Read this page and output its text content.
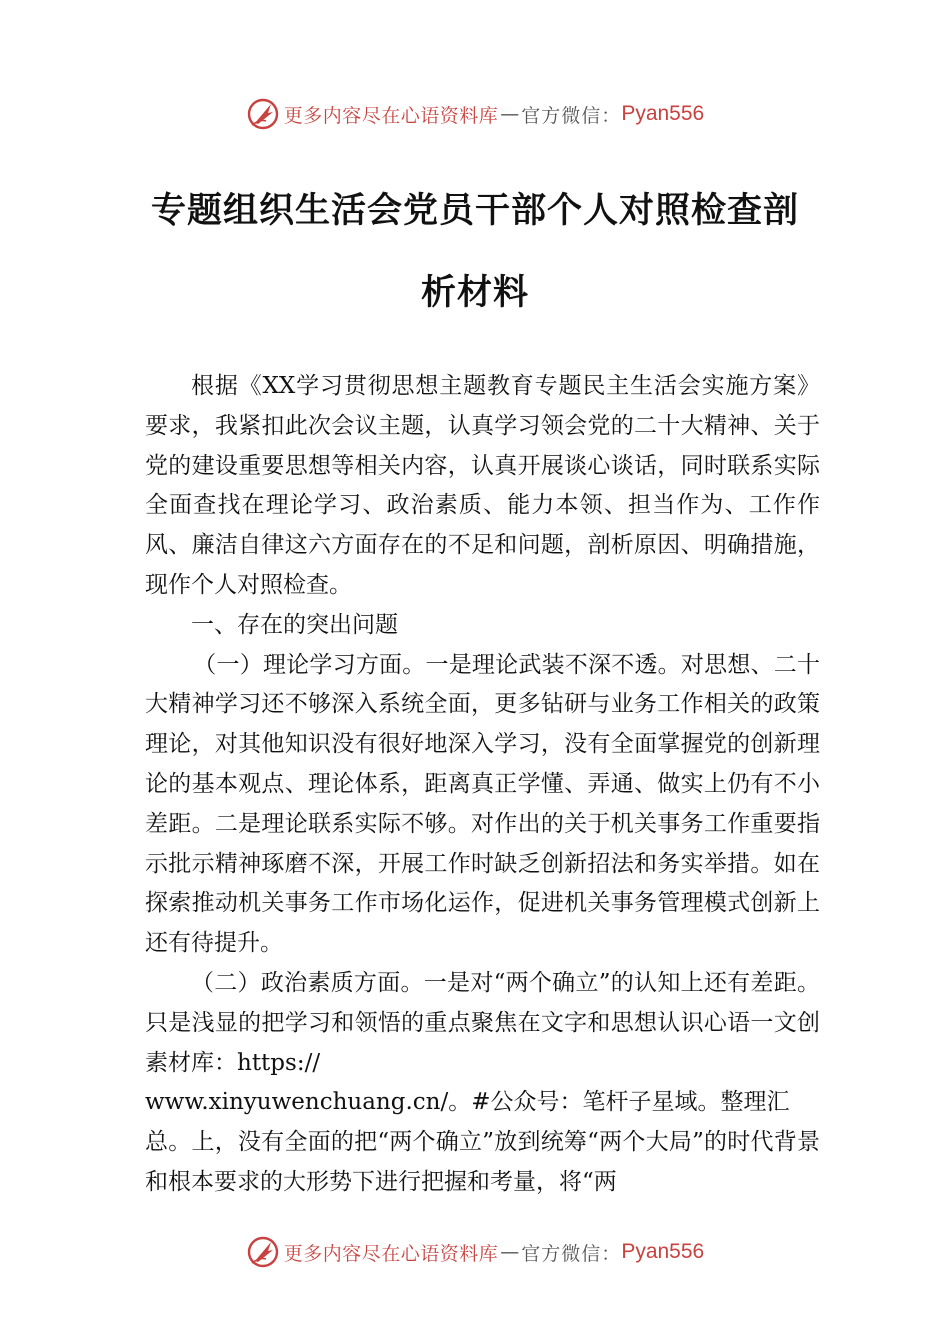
更多内容尽在心语资料库 — 官方微信： Pyan556
专题组织生活会党员干部个人对照检查剖
析材料

根据《XX学习贯彻思想主题教育专题民主生活会实施方案》要求，我紧扣此次会议主题，认真学习领会党的二十大精神、关于党的建设重要思想等相关内容，认真开展谈心谈话，同时联系实际全面查找在理论学习、政治素质、能力本领、担当作为、工作作风、廉洁自律这六方面存在的不足和问题，剖析原因、明确措施，现作个人对照检查。

一、存在的突出问题

（一）理论学习方面。一是理论武装不深不透。对思想、二十大精神学习还不够深入系统全面，更多钻研与业务工作相关的政策理论，对其他知识没有很好地深入学习，没有全面掌握党的创新理论的基本观点、理论体系，距离真正学懂、弄通、做实上仍有不小差距。二是理论联系实际不够。对作出的关于机关事务工作重要指示批示精神琢磨不深，开展工作时缺乏创新招法和务实举措。如在探索推动机关事务工作市场化运作，促进机关事务管理模式创新上还有待提升。

（二）政治素质方面。一是对“两个确立”的认知上还有差距。只是浅显的把学习和领悟的重点聚焦在文字和思想认识心语一文创素材库：https://
www.xinyuwenchuang.cn/。#公众号：笔杆子星域。整理汇
总。上，没有全面的把“两个确立”放到统筹“两个大局”的时代背景和根本要求的大形势下进行把握和考量，将“两

更多内容尽在心语资料库 — 官方微信： Pyan556
